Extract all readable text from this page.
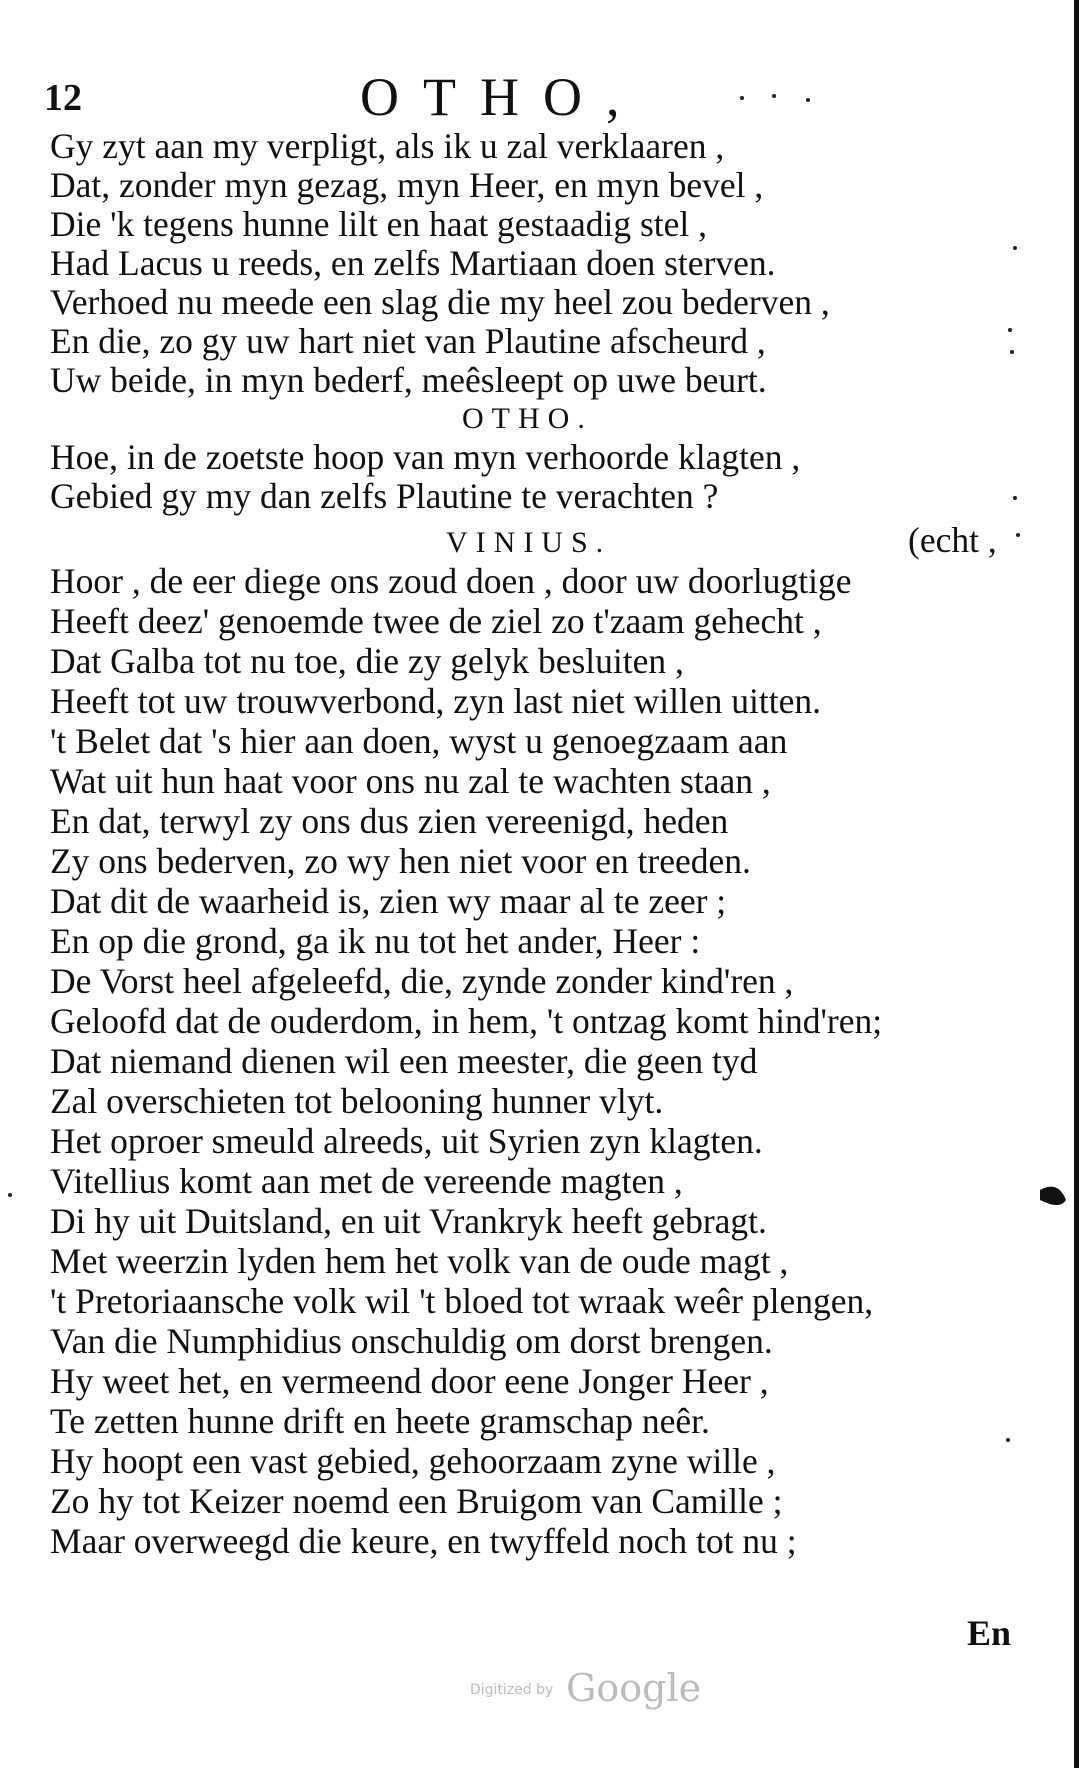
12	OTHO,
Gy zyt aan my verpligt, als ik u zal verklaaren ,
Dat, zonder myn gezag, myn Heer, en myn bevel ,
Die 'k tegens hunne lilt en haat gestaadig stel ,
Had Lacus u reeds, en zelfs Martiaan doen sterven.
Verhoed nu meede een slag die my heel zou bederven ,
En die, zo gy uw hart niet van Plautine afscheurd ,
Uw beide, in myn bederf, meêsleept op uwe beurt.
OTHO.
Hoe, in de zoetste hoop van myn verhoorde klagten ,
Gebied gy my dan zelfs Plautine te verachten ?
VINIUS.	(echt ,
Hoor , de eer diege ons zoud doen , door uw doorlugtige
Heeft deez' genoemde twee de ziel zo t'zaam gehecht ,
Dat Galba tot nu toe, die zy gelyk besluiten ,
Heeft tot uw trouwverbond, zyn last niet willen uitten.
't Belet dat 's hier aan doen, wyst u genoegzaam aan
Wat uit hun haat voor ons nu zal te wachten staan ,
En dat, terwyl zy ons dus zien vereenigd, heden
Zy ons bederven, zo wy hen niet voor en treeden.
Dat dit de waarheid is, zien wy maar al te zeer ;
En op die grond, ga ik nu tot het ander, Heer :
De Vorst heel afgeleefd, die, zynde zonder kind'ren ,
Geloofd dat de ouderdom, in hem, 't ontzag komt hind'ren;
Dat niemand dienen wil een meester, die geen tyd
Zal overschieten tot belooning hunner vlyt.
Het oproer smeuld alreeds, uit Syrien zyn klagten.
Vitellius komt aan met de vereende magten ,
Di hy uit Duitsland, en uit Vrankryk heeft gebragt.
Met weerzin lyden hem het volk van de oude magt ,
't Pretoriaansche volk wil 't bloed tot wraak weêr plengen,
Van die Numphidius onschuldig om dorst brengen.
Hy weet het, en vermeend door eene Jonger Heer ,
Te zetten hunne drift en heete gramschap neêr.
Hy hoopt een vast gebied, gehoorzaam zyne wille ,
Zo hy tot Keizer noemd een Bruigom van Camille ;
Maar overweegd die keure, en twyffeld noch tot nu ;
En
Digitized by Google
